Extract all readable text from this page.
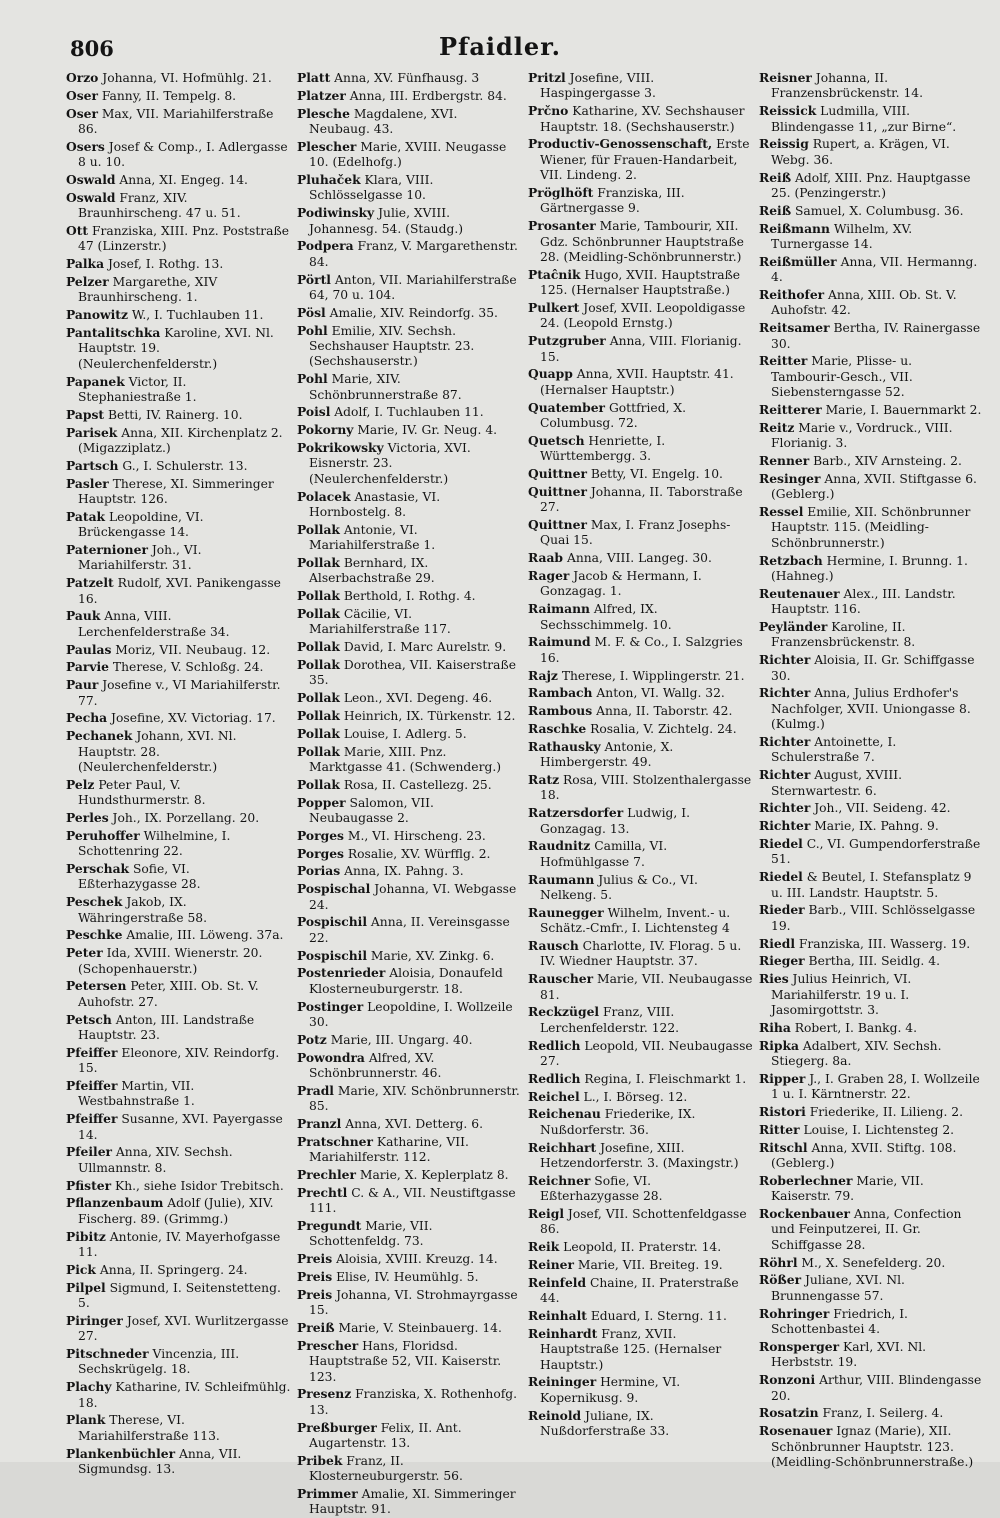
806	Pfaidler.
Orzo Johanna, VI. Hofmühlg. 21.
Oser Fanny, II. Tempelg. 8.
Oser Max, VII. Mariahilferstraße 86.
Osers Josef & Comp., I. Adlergasse 8 u. 10.
Oswald Anna, XI. Engeg. 14.
Oswald Franz, XIV. Braunhirscheng. 47 u. 51.
Ott Franziska, XIII. Pnz. Poststraße 47 (Linzerstr.)
Palka Josef, I. Rothg. 13.
Pelzer Margarethe, XIV Braunhirscheng. 1.
Panowitz W., I. Tuchlauben 11.
Pantalitschka Karoline, XVI. Nl. Hauptstr. 19. (Neulerchenfelderstr.)
Papanek Victor, II. Stephaniestraße 1.
Papst Betti, IV. Rainerg. 10.
Parisek Anna, XII. Kirchenplatz 2. (Migazziplatz.)
Partsch G., I. Schulerstr. 13.
Pasler Therese, XI. Simmeringer Hauptstr. 126.
Patak Leopoldine, VI. Brückengasse 14.
Paternioner Joh., VI. Mariahilferstr. 31.
Patzelt Rudolf, XVI. Panikengasse 16.
Pauk Anna, VIII. Lerchenfelderstraße 34.
Paulas Moriz, VII. Neubaug. 12.
Parvie Therese, V. Schloßg. 24.
Paur Josefine v., VI Mariahilferstr. 77.
Pecha Josefine, XV. Victoriag. 17.
Pechanek Johann, XVI. Nl. Hauptstr. 28. (Neulerchenfelderstr.)
Pelz Peter Paul, V. Hundsthurmerstr. 8.
Perles Joh., IX. Porzellang. 20.
Peruhoffer Wilhelmine, I. Schottenring 22.
Perschak Sofie, VI. Eßterhazygasse 28.
Peschek Jakob, IX. Währingerstraße 58.
Peschke Amalie, III. Löweng. 37a.
Peter Ida, XVIII. Wienerstr. 20. (Schopenhauerstr.)
Petersen Peter, XIII. Ob. St. V. Auhofstr. 27.
Petsch Anton, III. Landstraße Hauptstr. 23.
Pfeiffer Eleonore, XIV. Reindorfg. 15.
Pfeiffer Martin, VII. Westbahnstraße 1.
Pfeiffer Susanne, XVI. Payergasse 14.
Pfeiler Anna, XIV. Sechsh. Ullmannstr. 8.
Pfister Kh., siehe Isidor Trebitsch.
Pflanzenbaum Adolf (Julie), XIV. Fischerg. 89. (Grimmg.)
Pibitz Antonie, IV. Mayerhofgasse 11.
Pick Anna, II. Springerg. 24.
Pilpel Sigmund, I. Seitenstetteng. 5.
Piringer Josef, XVI. Wurlitzergasse 27.
Pitschneder Vincenzia, III. Sechskrügelg. 18.
Plachy Katharine, IV. Schleifmühlg. 18.
Plank Therese, VI. Mariahilferstraße 113.
Plankenbüchler Anna, VII. Sigmundsg. 13.
Platt Anna, XV. Fünfhausg. 3
Platzer Anna, III. Erdbergstr. 84.
Plesche Magdalene, XVI. Neubaug. 43.
Plescher Marie, XVIII. Neugasse 10. (Edelhofg.)
Pluhaček Klara, VIII. Schlösselgasse 10.
Podiwinsky Julie, XVIII. Johannesg. 54. (Staudg.)
Podpera Franz, V. Margarethenstr. 84.
Pörtl Anton, VII. Mariahilferstraße 64, 70 u. 104.
Pösl Amalie, XIV. Reindorfg. 35.
Pohl Emilie, XIV. Sechsh. Sechshauser Hauptstr. 23. (Sechshauserstr.)
Pohl Marie, XIV. Schönbrunnerstraße 87.
Poisl Adolf, I. Tuchlauben 11.
Pokorny Marie, IV. Gr. Neug. 4.
Pokrikowsky Victoria, XVI. Eisnerstr. 23. (Neulerchenfelderstr.)
Polacek Anastasie, VI. Hornbostelg. 8.
Pollak Antonie, VI. Mariahilferstraße 1.
Pollak Bernhard, IX. Alserbachstraße 29.
Pollak Berthold, I. Rothg. 4.
Pollak Cäcilie, VI. Mariahilferstraße 117.
Pollak David, I. Marc Aurelstr. 9.
Pollak Dorothea, VII. Kaiserstraße 35.
Pollak Leon., XVI. Degeng. 46.
Pollak Heinrich, IX. Türkenstr. 12.
Pollak Louise, I. Adlerg. 5.
Pollak Marie, XIII. Pnz. Marktgasse 41. (Schwenderg.)
Pollak Rosa, II. Castellezg. 25.
Popper Salomon, VII. Neubaugasse 2.
Porges M., VI. Hirscheng. 23.
Porges Rosalie, XV. Würfflg. 2.
Porias Anna, IX. Pahng. 3.
Pospischal Johanna, VI. Webgasse 24.
Pospischil Anna, II. Vereinsgasse 22.
Pospischil Marie, XV. Zinkg. 6.
Postenrieder Aloisia, Donaufeld Klosterneuburgerstr. 18.
Postinger Leopoldine, I. Wollzeile 30.
Potz Marie, III. Ungarg. 40.
Powondra Alfred, XV. Schönbrunnerstr. 46.
Pradl Marie, XIV. Schönbrunnerstr. 85.
Pranzl Anna, XVI. Detterg. 6.
Pratschner Katharine, VII. Mariahilferstr. 112.
Prechler Marie, X. Keplerplatz 8.
Prechtl C. & A., VII. Neustiftgasse 111.
Pregundt Marie, VII. Schottenfeldg. 73.
Preis Aloisia, XVIII. Kreuzg. 14.
Preis Elise, IV. Heumühlg. 5.
Preis Johanna, VI. Strohmayrgasse 15.
Preiß Marie, V. Steinbauerg. 14.
Prescher Hans, Floridsd. Hauptstraße 52, VII. Kaiserstr. 123.
Presenz Franziska, X. Rothenhofg. 13.
Preßburger Felix, II. Ant. Augartenstr. 13.
Pribek Franz, II. Klosterneuburgerstr. 56.
Primmer Amalie, XI. Simmeringer Hauptstr. 91.
Pritzl Josefine, VIII. Haspingergasse 3.
Prčno Katharine, XV. Sechshauser Hauptstr. 18. (Sechshauserstr.)
Productiv-Genossenschaft, Erste Wiener, für Frauen-Handarbeit, VII. Lindeng. 2.
Pröglhöft Franziska, III. Gärtnergasse 9.
Prosanter Marie, Tambourir, XII. Gdz. Schönbrunner Hauptstraße 28. (Meidling-Schönbrunnerstr.)
Ptaĉnik Hugo, XVII. Hauptstraße 125. (Hernalser Hauptstraße.)
Pulkert Josef, XVII. Leopoldigasse 24. (Leopold Ernstg.)
Putzgruber Anna, VIII. Florianig. 15.
Quapp Anna, XVII. Hauptstr. 41. (Hernalser Hauptstr.)
Quatember Gottfried, X. Columbusg. 72.
Quetsch Henriette, I. Württembergg. 3.
Quittner Betty, VI. Engelg. 10.
Quittner Johanna, II. Taborstraße 27.
Quittner Max, I. Franz Josephs-Quai 15.
Raab Anna, VIII. Langeg. 30.
Rager Jacob & Hermann, I. Gonzagag. 1.
Raimann Alfred, IX. Sechsschimmelg. 10.
Raimund M. F. & Co., I. Salzgries 16.
Rajz Therese, I. Wipplingerstr. 21.
Rambach Anton, VI. Wallg. 32.
Rambous Anna, II. Taborstr. 42.
Raschke Rosalia, V. Zichtelg. 24.
Rathausky Antonie, X. Himbergerstr. 49.
Ratz Rosa, VIII. Stolzenthalergasse 18.
Ratzersdorfer Ludwig, I. Gonzagag. 13.
Raudnitz Camilla, VI. Hofmühlgasse 7.
Raumann Julius & Co., VI. Nelkeng. 5.
Raunegger Wilhelm, Invent.- u. Schätz.-Cmfr., I. Lichtensteg 4
Rausch Charlotte, IV. Florag. 5 u. IV. Wiedner Hauptstr. 37.
Rauscher Marie, VII. Neubaugasse 81.
Reckzügel Franz, VIII. Lerchenfelderstr. 122.
Redlich Leopold, VII. Neubaugasse 27.
Redlich Regina, I. Fleischmarkt 1.
Reichel L., I. Börseg. 12.
Reichenau Friederike, IX. Nußdorferstr. 36.
Reichhart Josefine, XIII. Hetzendorferstr. 3. (Maxingstr.)
Reichner Sofie, VI. Eßterhazygasse 28.
Reigl Josef, VII. Schottenfeldgasse 86.
Reik Leopold, II. Praterstr. 14.
Reiner Marie, VII. Breiteg. 19.
Reinfeld Chaine, II. Praterstraße 44.
Reinhalt Eduard, I. Sterng. 11.
Reinhardt Franz, XVII. Hauptstraße 125. (Hernalser Hauptstr.)
Reininger Hermine, VI. Kopernikusg. 9.
Reinold Juliane, IX. Nußdorferstraße 33.
Reisner Johanna, II. Franzensbrückenstr. 14.
Reissick Ludmilla, VIII. Blindengasse 11, „zur Birne“.
Reissig Rupert, a. Krägen, VI. Webg. 36.
Reiß Adolf, XIII. Pnz. Hauptgasse 25. (Penzingerstr.)
Reiß Samuel, X. Columbusg. 36.
Reißmann Wilhelm, XV. Turnergasse 14.
Reißmüller Anna, VII. Hermanng. 4.
Reithofer Anna, XIII. Ob. St. V. Auhofstr. 42.
Reitsamer Bertha, IV. Rainergasse 30.
Reitter Marie, Plisse- u. Tambourir-Gesch., VII. Siebensterngasse 52.
Reitterer Marie, I. Bauernmarkt 2.
Reitz Marie v., Vordruck., VIII. Florianig. 3.
Renner Barb., XIV Arnsteing. 2.
Resinger Anna, XVII. Stiftgasse 6. (Geblerg.)
Ressel Emilie, XII. Schönbrunner Hauptstr. 115. (Meidling-Schönbrunnerstr.)
Retzbach Hermine, I. Brunng. 1. (Hahneg.)
Reutenauer Alex., III. Landstr. Hauptstr. 116.
Peyländer Karoline, II. Franzensbrückenstr. 8.
Richter Aloisia, II. Gr. Schiffgasse 30.
Richter Anna, Julius Erdhofer's Nachfolger, XVII. Uniongasse 8. (Kulmg.)
Richter Antoinette, I. Schulerstraße 7.
Richter August, XVIII. Sternwartestr. 6.
Richter Joh., VII. Seideng. 42.
Richter Marie, IX. Pahng. 9.
Riedel C., VI. Gumpendorferstraße 51.
Riedel & Beutel, I. Stefansplatz 9 u. III. Landstr. Hauptstr. 5.
Rieder Barb., VIII. Schlösselgasse 19.
Riedl Franziska, III. Wasserg. 19.
Rieger Bertha, III. Seidlg. 4.
Ries Julius Heinrich, VI. Mariahilferstr. 19 u. I. Jasomirgottstr. 3.
Riha Robert, I. Bankg. 4.
Ripka Adalbert, XIV. Sechsh. Stiegerg. 8a.
Ripper J., I. Graben 28, I. Wollzeile 1 u. I. Kärntnerstr. 22.
Ristori Friederike, II. Lilieng. 2.
Ritter Louise, I. Lichtensteg 2.
Ritschl Anna, XVII. Stiftg. 108. (Geblerg.)
Roberlechner Marie, VII. Kaiserstr. 79.
Rockenbauer Anna, Confection und Feinputzerei, II. Gr. Schiffgasse 28.
Röhrl M., X. Senefelderg. 20.
Rößer Juliane, XVI. Nl. Brunnengasse 57.
Rohringer Friedrich, I. Schottenbastei 4.
Ronsperger Karl, XVI. Nl. Herbststr. 19.
Ronzoni Arthur, VIII. Blindengasse 20.
Rosatzin Franz, I. Seilerg. 4.
Rosenauer Ignaz (Marie), XII. Schönbrunner Hauptstr. 123. (Meidling-Schönbrunnerstraße.)
